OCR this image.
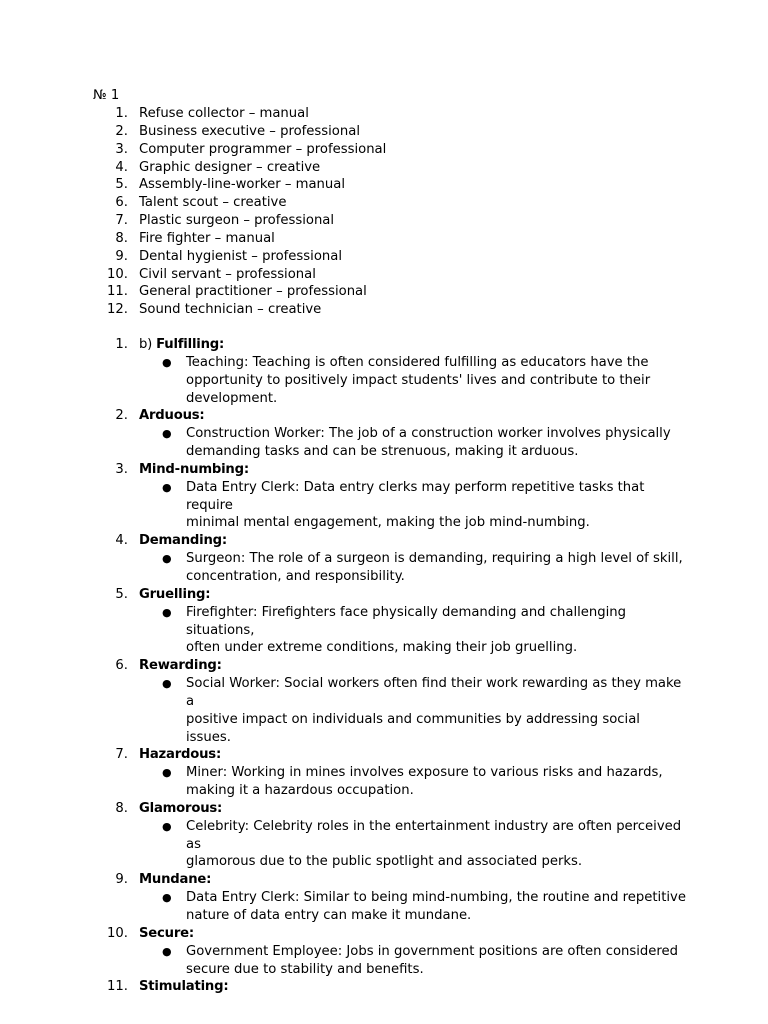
№ 1
1. Refuse collector – manual
2. Business executive – professional
3. Computer programmer – professional
4. Graphic designer – creative
5. Assembly-line-worker – manual
6. Talent scout – creative
7. Plastic surgeon – professional
8. Fire fighter – manual
9. Dental hygienist – professional
10. Civil servant – professional
11. General practitioner – professional
12. Sound technician – creative
1. b) Fulfilling:
● Teaching: Teaching is often considered fulfilling as educators have the
opportunity to positively impact students' lives and contribute to their
development.
2. Arduous:
● Construction Worker: The job of a construction worker involves physically
demanding tasks and can be strenuous, making it arduous.
3. Mind-numbing:
● Data Entry Clerk: Data entry clerks may perform repetitive tasks that require
minimal mental engagement, making the job mind-numbing.
4. Demanding:
● Surgeon: The role of a surgeon is demanding, requiring a high level of skill,
concentration, and responsibility.
5. Gruelling:
● Firefighter: Firefighters face physically demanding and challenging situations,
often under extreme conditions, making their job gruelling.
6. Rewarding:
● Social Worker: Social workers often find their work rewarding as they make a
positive impact on individuals and communities by addressing social issues.
7. Hazardous:
● Miner: Working in mines involves exposure to various risks and hazards,
making it a hazardous occupation.
8. Glamorous:
● Celebrity: Celebrity roles in the entertainment industry are often perceived as
glamorous due to the public spotlight and associated perks.
9. Mundane:
● Data Entry Clerk: Similar to being mind-numbing, the routine and repetitive
nature of data entry can make it mundane.
10. Secure:
● Government Employee: Jobs in government positions are often considered
secure due to stability and benefits.
11. Stimulating:
